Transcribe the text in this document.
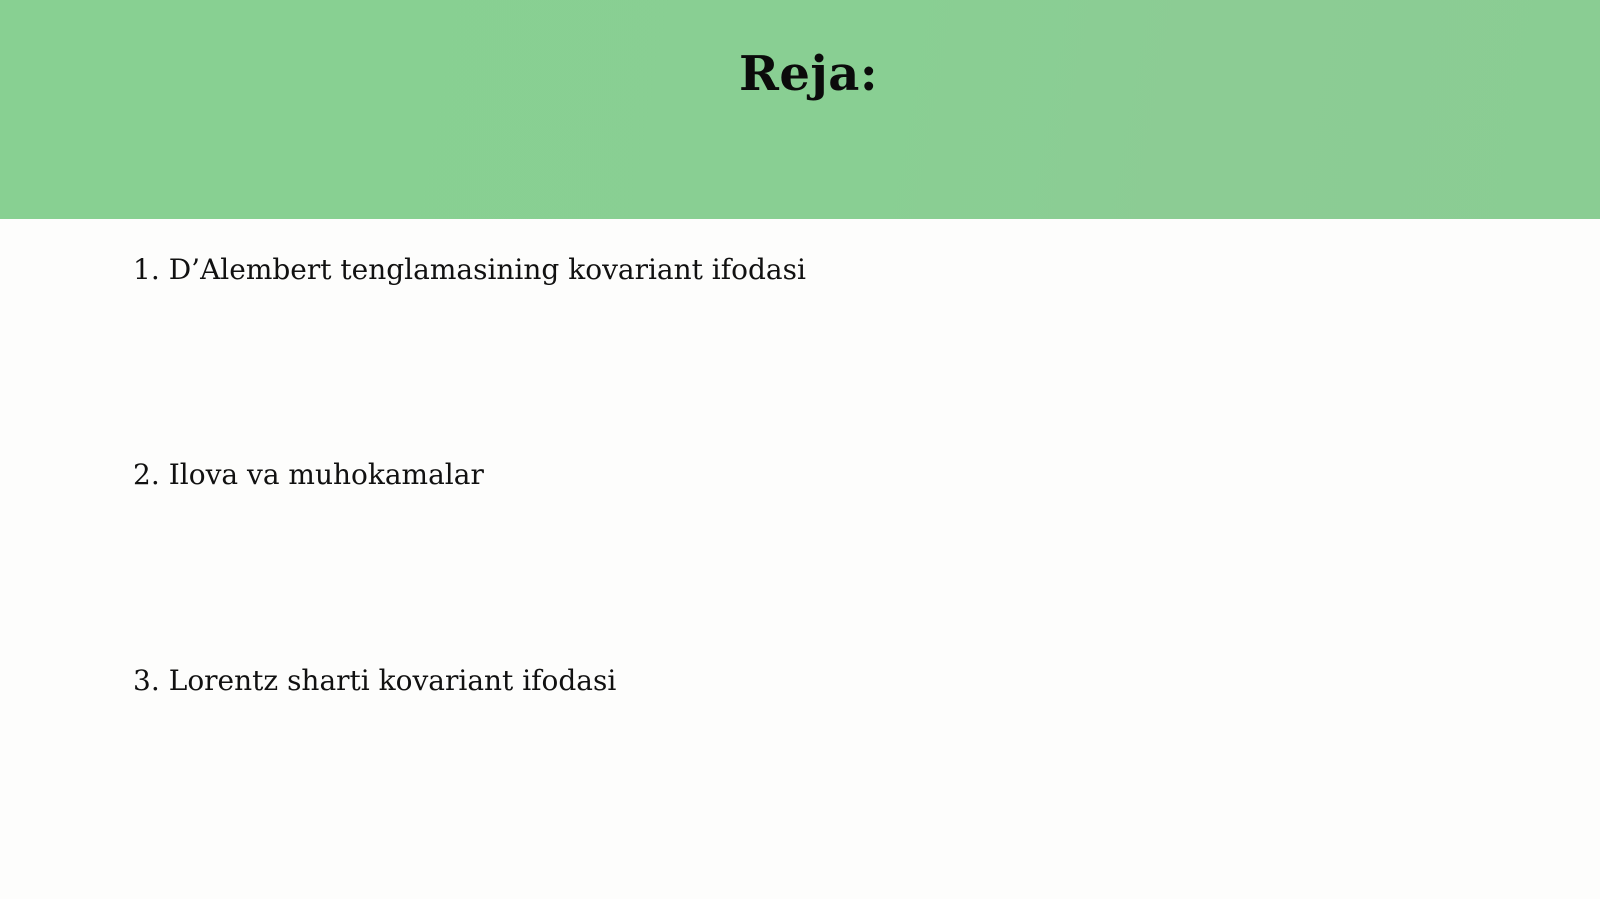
Reja:
1. D’Alembert tenglamasining kovariant ifodasi
2. Ilova va muhokamalar
3. Lorentz sharti kovariant ifodasi
